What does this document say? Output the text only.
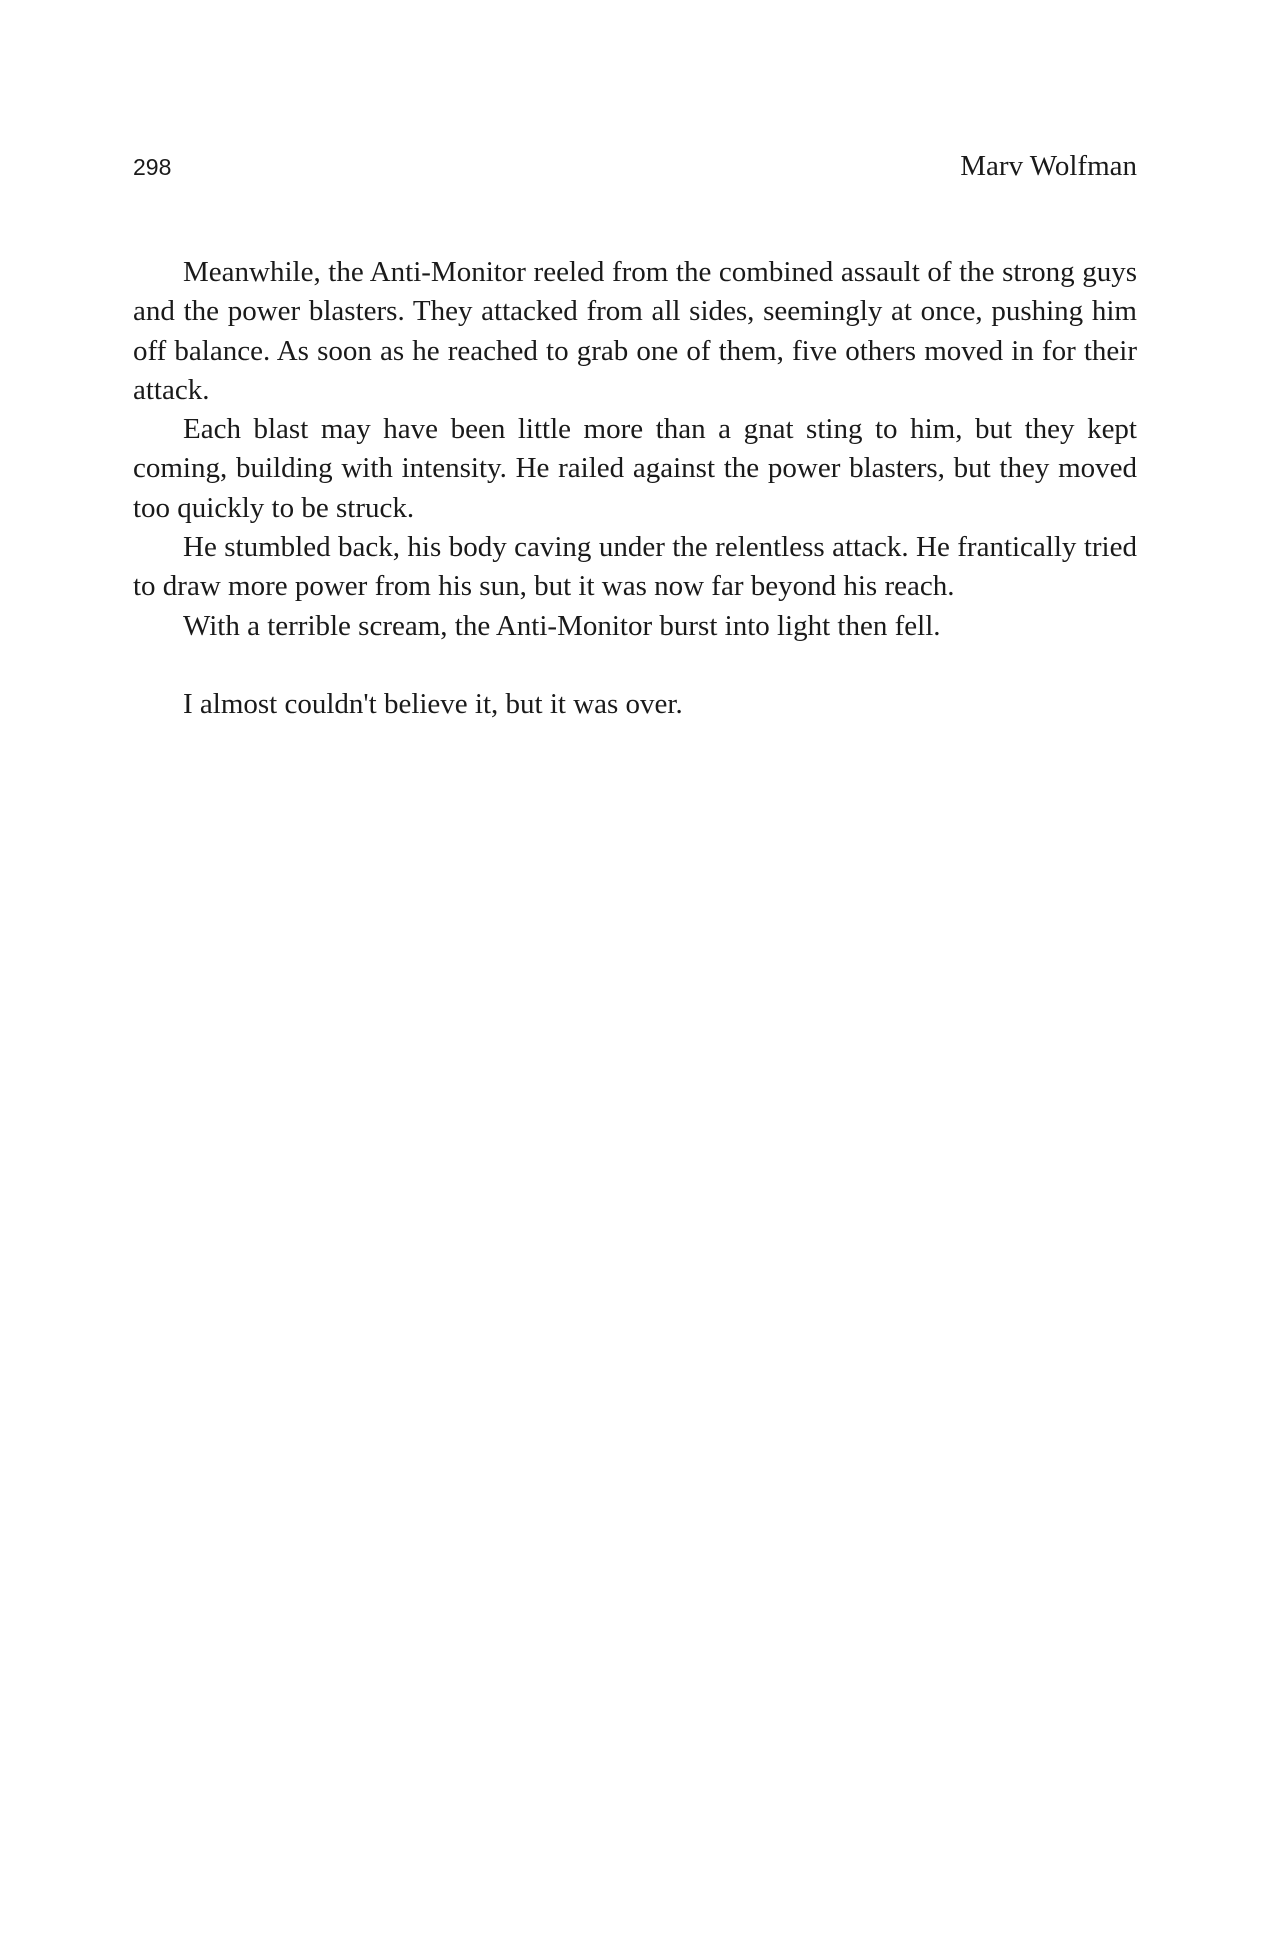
298	Marv Wolfman

Meanwhile, the Anti-Monitor reeled from the combined assault of the strong guys and the power blasters. They attacked from all sides, seemingly at once, pushing him off balance. As soon as he reached to grab one of them, five others moved in for their attack.

Each blast may have been little more than a gnat sting to him, but they kept coming, building with intensity. He railed against the power blasters, but they moved too quickly to be struck.

He stumbled back, his body caving under the relentless attack. He frantically tried to draw more power from his sun, but it was now far beyond his reach.

With a terrible scream, the Anti-Monitor burst into light then fell.

I almost couldn't believe it, but it was over.
